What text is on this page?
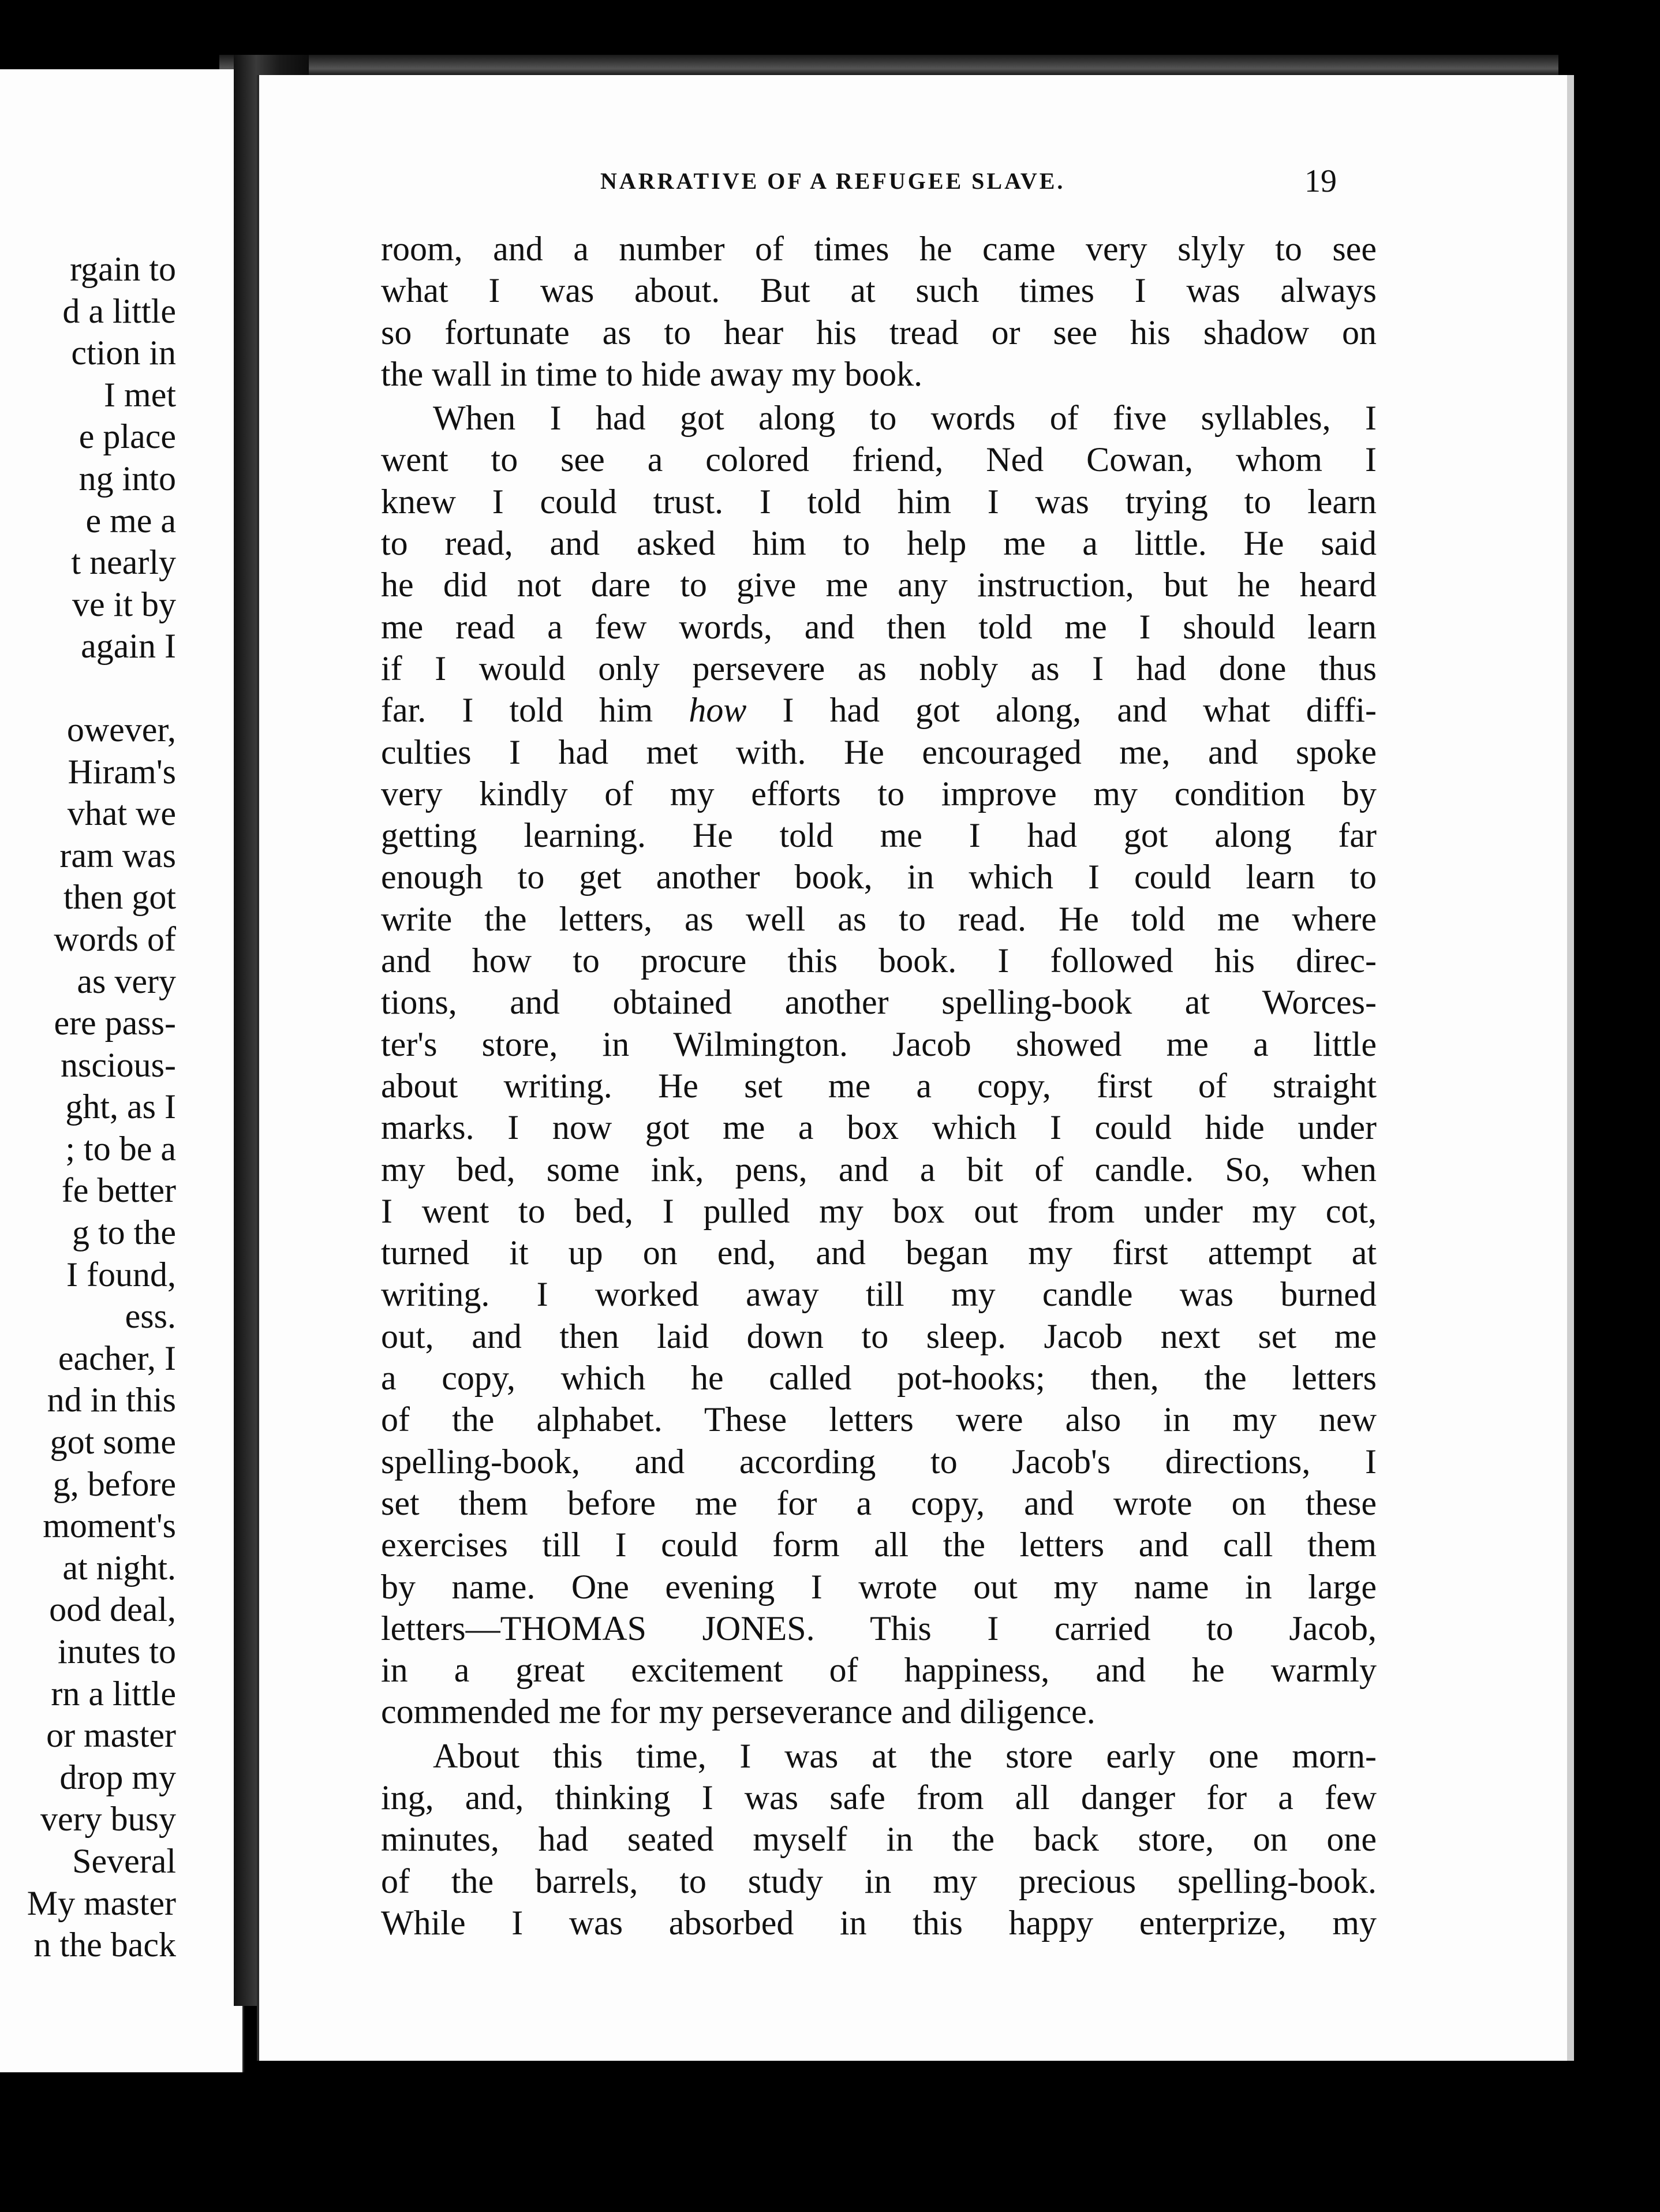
rgain to
d a little
ction in
I met
e place
ng into
e me a
t nearly
ve it by
again I
owever,
Hiram's
vhat we
ram was
then got
words of
as very
ere pass-
nscious-
ght, as I
; to be a
fe better
g to the
I found,
ess.
eacher, I
nd in this
got some
g, before
moment's
at night.
ood deal,
inutes to
rn a little
or master
drop my
very busy
Several
My master
n the back
NARRATIVE OF A REFUGEE SLAVE.	19
room, and a number of times he came very slyly to see
what I was about. But at such times I was always
so fortunate as to hear his tread or see his shadow on
the wall in time to hide away my book.
When I had got along to words of five syllables, I
went to see a colored friend, Ned Cowan, whom I
knew I could trust. I told him I was trying to learn
to read, and asked him to help me a little. He said
he did not dare to give me any instruction, but he heard
me read a few words, and then told me I should learn
if I would only persevere as nobly as I had done thus
far. I told him how I had got along, and what diffi-
culties I had met with. He encouraged me, and spoke
very kindly of my efforts to improve my condition by
getting learning. He told me I had got along far
enough to get another book, in which I could learn to
write the letters, as well as to read. He told me where
and how to procure this book. I followed his direc-
tions, and obtained another spelling-book at Worces-
ter's store, in Wilmington. Jacob showed me a little
about writing. He set me a copy, first of straight
marks. I now got me a box which I could hide under
my bed, some ink, pens, and a bit of candle. So, when
I went to bed, I pulled my box out from under my cot,
turned it up on end, and began my first attempt at
writing. I worked away till my candle was burned
out, and then laid down to sleep. Jacob next set me
a copy, which he called pot-hooks; then, the letters
of the alphabet. These letters were also in my new
spelling-book, and according to Jacob's directions, I
set them before me for a copy, and wrote on these
exercises till I could form all the letters and call them
by name. One evening I wrote out my name in large
letters—THOMAS JONES. This I carried to Jacob,
in a great excitement of happiness, and he warmly
commended me for my perseverance and diligence.
About this time, I was at the store early one morn-
ing, and, thinking I was safe from all danger for a few
minutes, had seated myself in the back store, on one
of the barrels, to study in my precious spelling-book.
While I was absorbed in this happy enterprize, my
